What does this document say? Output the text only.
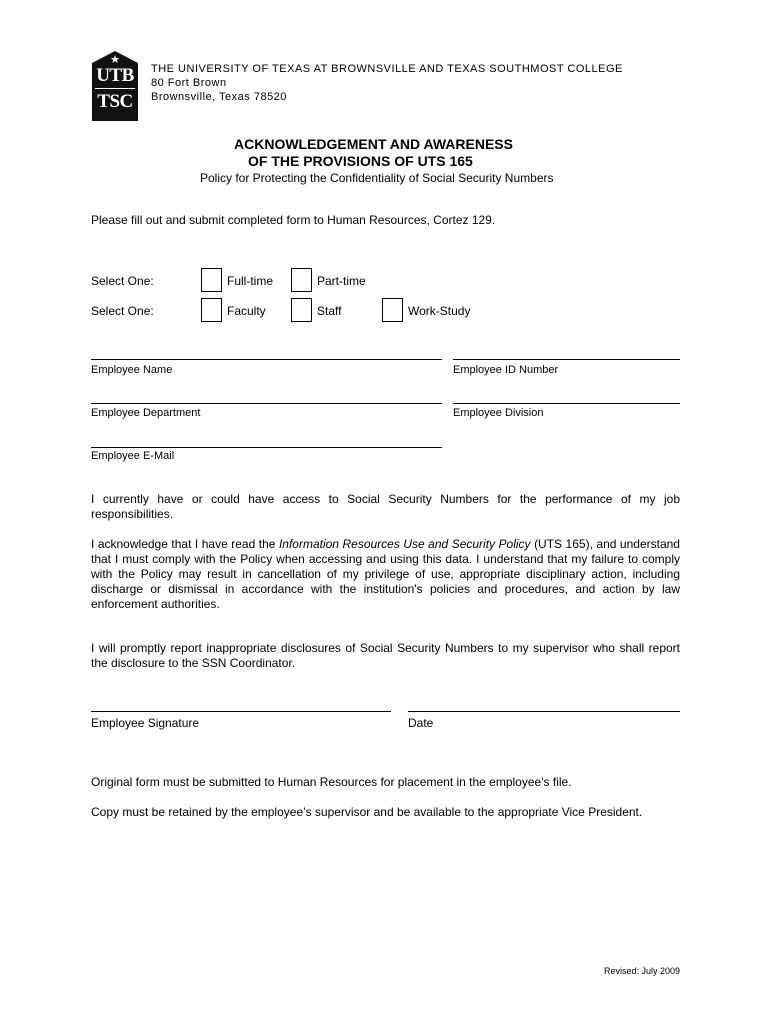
★
UTB
TSC
THE UNIVERSITY OF TEXAS AT BROWNSVILLE AND TEXAS SOUTHMOST COLLEGE
80 Fort Brown
Brownsville, Texas 78520
ACKNOWLEDGEMENT AND AWARENESS
OF THE PROVISIONS OF UTS 165
Policy for Protecting the Confidentiality of Social Security Numbers
Please fill out and submit completed form to Human Resources, Cortez 129.
Select One:	Full-time	Part-time
Select One:	Faculty	Staff	Work-Study
Employee Name	Employee ID Number
Employee Department	Employee Division
Employee E-Mail
I currently have or could have access to Social Security Numbers for the performance of my job responsibilities.
I acknowledge that I have read the Information Resources Use and Security Policy (UTS 165), and understand that I must comply with the Policy when accessing and using this data. I understand that my failure to comply with the Policy may result in cancellation of my privilege of use, appropriate disciplinary action, including discharge or dismissal in accordance with the institution's policies and procedures, and action by law enforcement authorities.
I will promptly report inappropriate disclosures of Social Security Numbers to my supervisor who shall report the disclosure to the SSN Coordinator.
Employee Signature	Date
Original form must be submitted to Human Resources for placement in the employee's file.
Copy must be retained by the employee’s supervisor and be available to the appropriate Vice President.
Revised: July 2009
